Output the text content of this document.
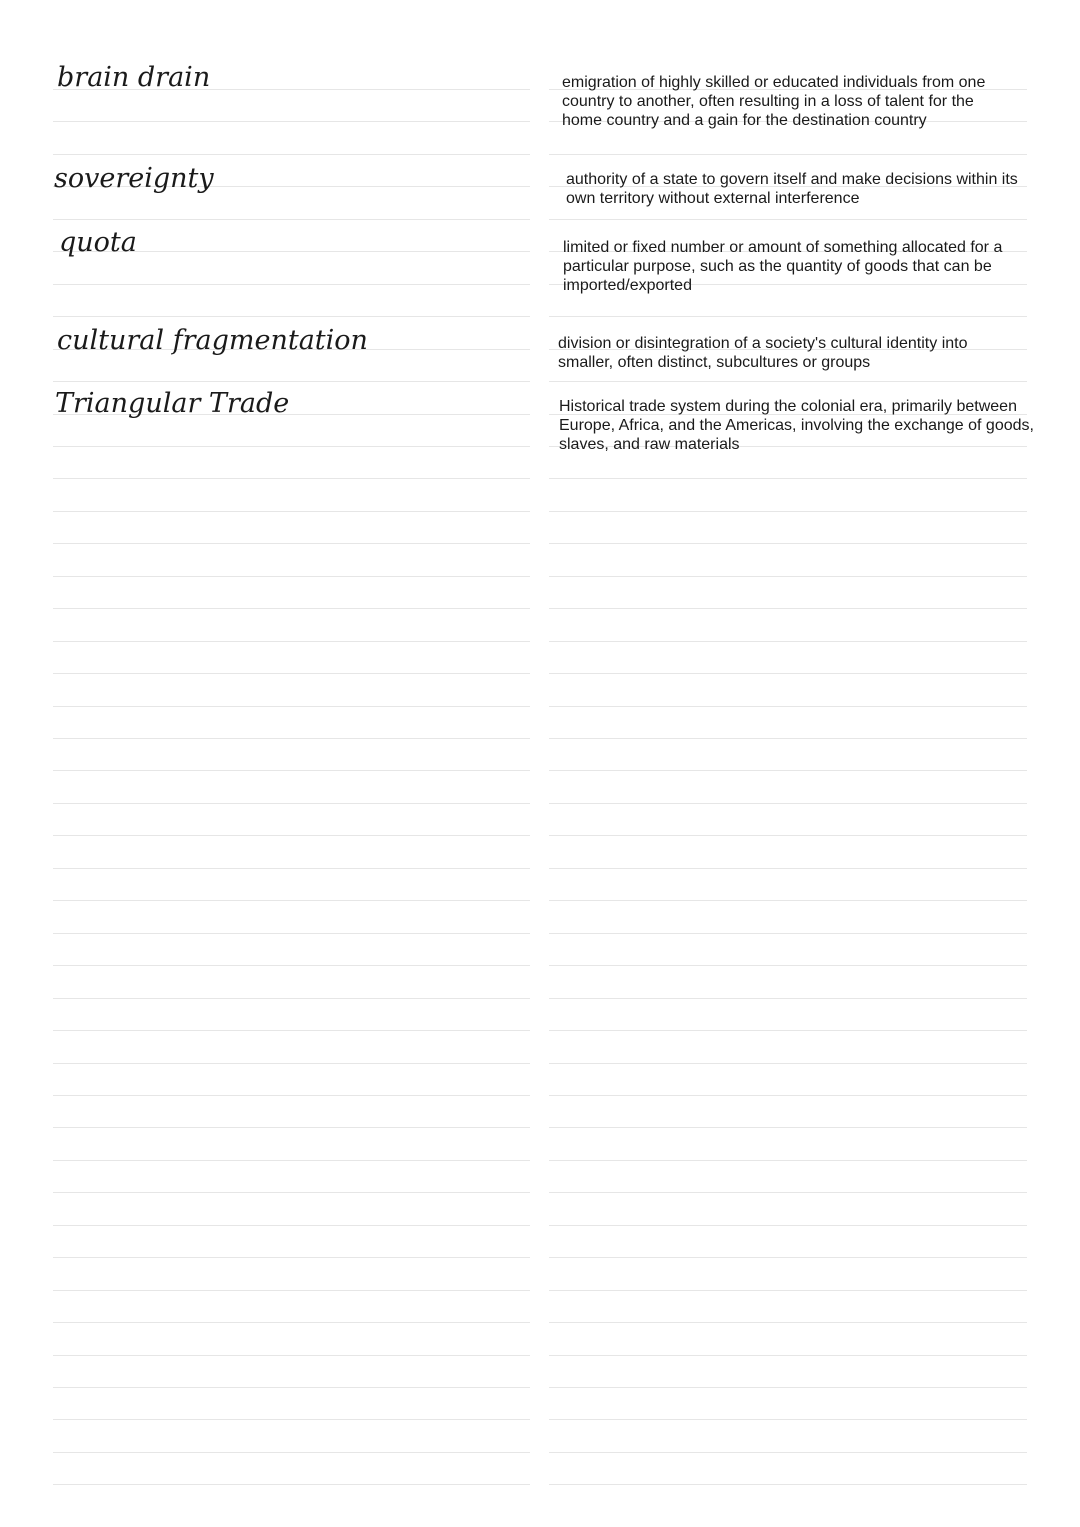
brain drain

sovereignty

quota

cultural fragmentation

Triangular Trade

emigration of highly skilled or educated individuals from one country to another, often resulting in a loss of talent for the home country and a gain for the destination country

authority of a state to govern itself and make decisions within its own territory without external interference

limited or fixed number or amount of something allocated for a particular purpose, such as the quantity of goods that can be imported/exported

division or disintegration of a society's cultural identity into smaller, often distinct, subcultures or groups

Historical trade system during the colonial era, primarily between Europe, Africa, and the Americas, involving the exchange of goods, slaves, and raw materials
